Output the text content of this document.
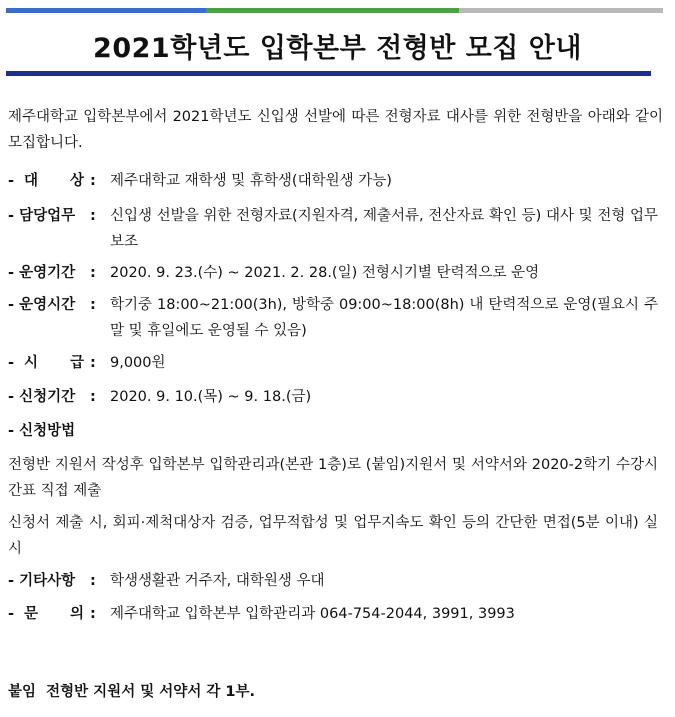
2021학년도 입학본부 전형반 모집 안내
제주대학교 입학본부에서 2021학년도 신입생 선발에 따른 전형자료 대사를 위한 전형반을 아래와 같이 모집합니다.
- 대 상 : 제주대학교 재학생 및 휴학생(대학원생 가능)
- 담당업무	: 신입생 선발을 위한 전형자료(지원자격, 제출서류, 전산자료 확인 등) 대사 및 전형 업무보조
- 운영기간	: 2020. 9. 23.(수) ~ 2021. 2. 28.(일) 전형시기별 탄력적으로 운영
- 운영시간	: 학기중 18:00~21:00(3h), 방학중 09:00~18:00(8h) 내 탄력적으로 운영(필요시 주말 및 휴일에도 운영될 수 있음)
- 시 급 : 9,000원
- 신청기간	: 2020. 9. 10.(목) ~ 9. 18.(금)
- 신청방법
전형반 지원서 작성후 입학본부 입학관리과(본관 1층)로 (붙임)지원서 및 서약서와 2020-2학기 수강시간표 직접 제출
신청서 제출 시, 회피·제척대상자 검증, 업무적합성 및 업무지속도 확인 등의 간단한 면접(5분 이내) 실시
- 기타사항	: 학생생활관 거주자, 대학원생 우대
- 문 의 : 제주대학교 입학본부 입학관리과 064-754-2044, 3991, 3993
붙임  전형반 지원서 및 서약서 각 1부.
